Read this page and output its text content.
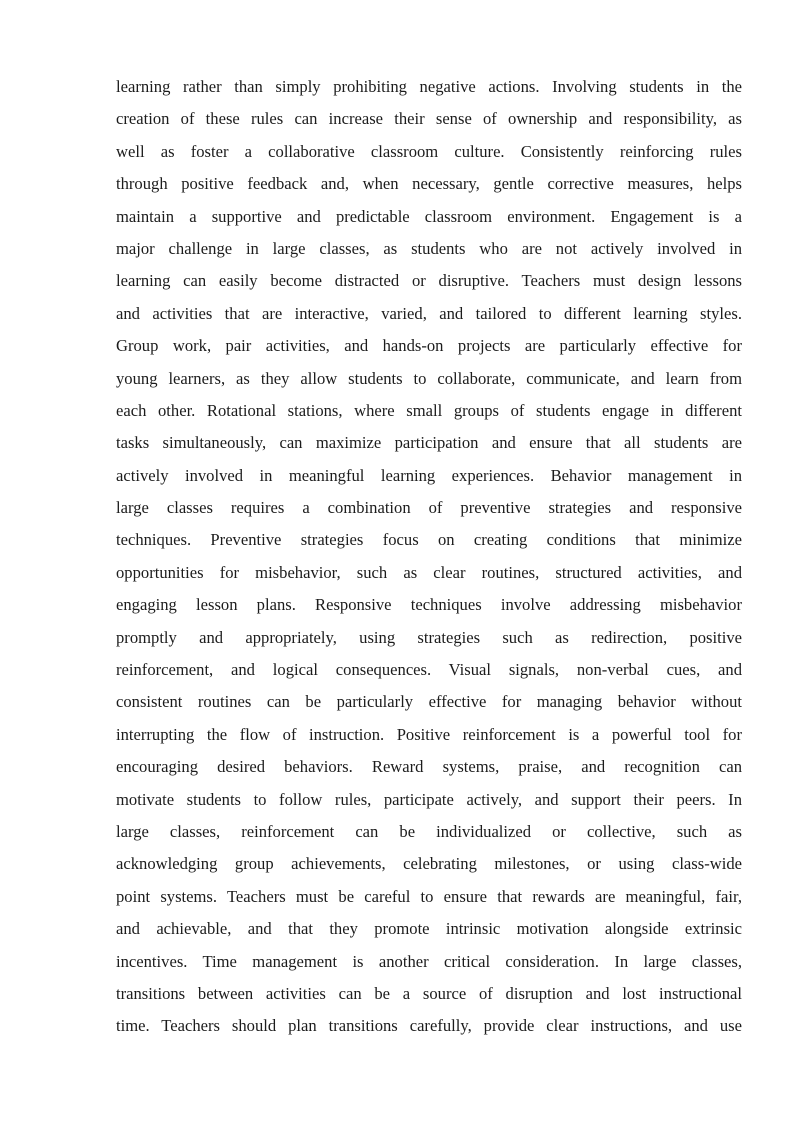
learning rather than simply prohibiting negative actions. Involving students in the
creation of these rules can increase their sense of ownership and responsibility, as
well as foster a collaborative classroom culture. Consistently reinforcing rules
through positive feedback and, when necessary, gentle corrective measures, helps
maintain a supportive and predictable classroom environment. Engagement is a
major challenge in large classes, as students who are not actively involved in
learning can easily become distracted or disruptive. Teachers must design lessons
and activities that are interactive, varied, and tailored to different learning styles.
Group work, pair activities, and hands-on projects are particularly effective for
young learners, as they allow students to collaborate, communicate, and learn from
each other. Rotational stations, where small groups of students engage in different
tasks simultaneously, can maximize participation and ensure that all students are
actively involved in meaningful learning experiences. Behavior management in
large classes requires a combination of preventive strategies and responsive
techniques. Preventive strategies focus on creating conditions that minimize
opportunities for misbehavior, such as clear routines, structured activities, and
engaging lesson plans. Responsive techniques involve addressing misbehavior
promptly and appropriately, using strategies such as redirection, positive
reinforcement, and logical consequences. Visual signals, non-verbal cues, and
consistent routines can be particularly effective for managing behavior without
interrupting the flow of instruction. Positive reinforcement is a powerful tool for
encouraging desired behaviors. Reward systems, praise, and recognition can
motivate students to follow rules, participate actively, and support their peers. In
large classes, reinforcement can be individualized or collective, such as
acknowledging group achievements, celebrating milestones, or using class-wide
point systems. Teachers must be careful to ensure that rewards are meaningful, fair,
and achievable, and that they promote intrinsic motivation alongside extrinsic
incentives. Time management is another critical consideration. In large classes,
transitions between activities can be a source of disruption and lost instructional
time. Teachers should plan transitions carefully, provide clear instructions, and use
